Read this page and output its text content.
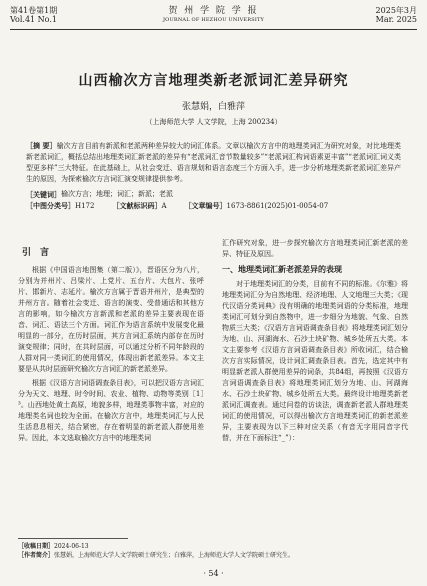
第41卷第1期
Vol.41 No.1
贺 州 学 院 学 报
JOURNAL OF HEZHOU UNIVERSITY
2025年3月
Mar. 2025
山西榆次方言地理类新老派词汇差异研究
张慧娟，白雅萍
（上海师范大学 人文学院，上海 200234）
［摘 要］榆次方言目前有新派和老派两种差异较大的词汇体系。文章以榆次方言中的地理类词汇为研究对象，对比地理类新老派词汇，概括总结出地理类词汇新老派的差异有“老派词汇音节数量较多”“老派词汇构词语素更丰富”“老派词汇词义类型更多样”三大特征。在此基础上，从社会变迁、语言规划和语言态度三个方面入手，进一步分析地理类新老派词汇差异产生的原因，为探索榆次方言词汇演变规律提供参考。
［关键词］ 榆次方言；地理；词汇；新派；老派
［中图分类号］H172	［文献标识码］A	［文章编号］1673-8861(2025)01-0054-07
引　言

根据《中国语言地图集（第二版）》，晋语区分为八片，分别为并州片、吕梁片、上党片、五台片、大包片、张呼片、邯新片、志延片。榆次方言属于晋语并州片，是典型的并州方言。随着社会变迁、语言的演变、受普通话和其他方言的影响，如今榆次方言新派和老派的差异主要表现在语音、词汇、语法三个方面。词汇作为语言系统中发展变化最明显的一部分，在历时层面，其方言词汇系统内部存在历时演变规律；同时，在共时层面，可以通过分析不同年龄段的人群对同一类词汇的使用情况，体现出新老派差异。本文主要是从共时层面研究榆次方言词汇的新老派差异。

根据《汉语方言词语调查条目表》，可以把汉语方言词汇分为天文、地理、时令时间、农业、植物、动物等类别［1］³。山西地处黄土高原，地貌多样，地理类事物丰富，对应的地理类名词也较为全面。在榆次方言中，地理类词汇与人民生活息息相关，结合紧密，存在着明显的新老派人群使用差异。因此，本文选取榆次方言中的地理类词

汇作研究对象，进一步探究榆次方言地理类词汇新老派的差异、特征及原因。

一、地理类词汇新老派差异的表现

对于地理类词汇的分类，目前有不同的标准。《尔雅》将地理类词汇分为自然地理、经济地理、人文地理三大类；《现代汉语分类词典》没有明确的地理类词语的分类标准，地理类词汇可划分到自然物中，进一步细分为地貌、气象、自然物质三大类；《汉语方言词语调查条目表》将地理类词汇划分为地、山、河湖海水、石沙土块矿物、城乡处所五大类。本文主要参考《汉语方言词语调查条目表》所收词汇，结合榆次方言实际情况，设计词汇调查条目表。首先，选定其中有明显新老派人群使用差异的词条，共84组，再按照《汉语方言词语调查条目表》将地理类词汇划分为地、山、河湖海水、石沙土块矿物、城乡处所五大类。最终设计地理类新老派词汇调查表。通过问卷的访谈法，调查新老派人群地理类词汇的使用情况，可以得出榆次方言地理类词汇的新老派差异，主要表现为以下三种对应关系（有音无字用同音字代替，并在下面标注“_”）：

［收稿日期］2024-06-13
［作者简介］张慧娟，上海师范大学人文学院硕士研究生；白雅萍，上海师范大学人文学院硕士研究生。
· 54 ·
